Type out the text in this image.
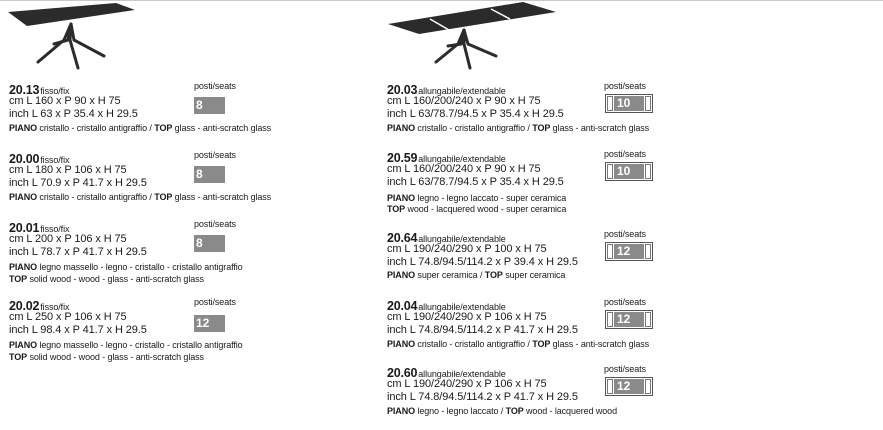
20.13fisso/fix
cm L 160 x P 90 x H 75
inch L 63 x P 35.4 x H 29.5
PIANO cristallo - cristallo antigraffio / TOP glass - anti-scratch glass
posti/seats
8
20.00fisso/fix
cm L 180 x P 106 x H 75
inch L 70.9 x P 41.7 x H 29.5
PIANO cristallo - cristallo antigraffio / TOP glass - anti-scratch glass
posti/seats
8
20.01fisso/fix
cm L 200 x P 106 x H 75
inch L 78.7 x P 41.7 x H 29.5
PIANO legno massello - legno - cristallo - cristallo antigraffio
TOP solid wood - wood - glass - anti-scratch glass
posti/seats
8
20.02fisso/fix
cm L 250 x P 106 x H 75
inch L 98.4 x P 41.7 x H 29.5
PIANO legno massello - legno - cristallo - cristallo antigraffio
TOP solid wood - wood - glass - anti-scratch glass
posti/seats
12
20.03allungabile/extendable
cm L 160/200/240 x P 90 x H 75
inch L 63/78.7/94.5 x P 35.4 x H 29.5
PIANO cristallo - cristallo antigraffio / TOP glass - anti-scratch glass
posti/seats
10
20.59allungabile/extendable
cm L 160/200/240 x P 90 x H 75
inch L 63/78.7/94.5 x P 35.4 x H 29.5
PIANO legno - legno laccato - super ceramica
TOP wood - lacquered wood - super ceramica
posti/seats
10
20.64allungabile/extendable
cm L 190/240/290 x P 100 x H 75
inch L 74.8/94.5/114.2 x P 39.4 x H 29.5
PIANO super ceramica / TOP super ceramica
posti/seats
12
20.04allungabile/extendable
cm L 190/240/290 x P 106 x H 75
inch L 74.8/94.5/114.2 x P 41.7 x H 29.5
PIANO cristallo - cristallo antigraffio / TOP glass - anti-scratch glass
posti/seats
12
20.60allungabile/extendable
cm L 190/240/290 x P 106 x H 75
inch L 74.8/94.5/114.2 x P 41.7 x H 29.5
PIANO legno - legno laccato / TOP wood - lacquered wood
posti/seats
12
